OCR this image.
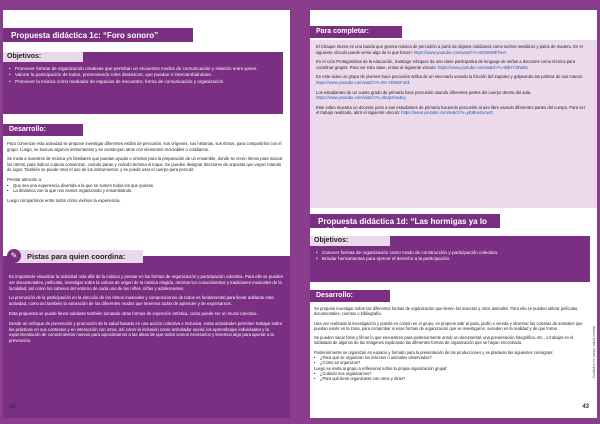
Propuesta didáctica 1c: “Foro sonoro”
Objetivos:
• Promover formas de organización creativas que permitan un encuentro modos de comunicación y relación entre pares.
• Valorar la participación de todos, promoviendo roles dinámicos, que puedan ir intercambiándose.
• Promover la música como mediador de espacios de encuentro, forma de comunicación y organización.
Desarrollo:

Para comenzar esta actividad se propone investigar diferentes estilos de percusión, sus orígenes, sus historias, sus ritmos, para compartirlos con el grupo. Luego, se buscan algunos instrumentos y se construyen otros con elementos reciclables o cotidianos.

Se invita a maestros de música y/o familiares que puedan ayudar o orientar para la preparación de un ensamble, donde se creen ritmos para marcar los ritmos, para indicar cuándo comienzan, cuándo paran y cuándo termina el toque. Se pueden designar directores de orquesta que vayan rotando de lugar. También se puede rotar el uso de los instrumentos, y se puede usar el cuerpo para percutir.

Prestar atención a:
• Que sea una experiencia divertida a la que se sumen todos los que quieran.
• La dinámica con la que nos vamos organizando y ensamblando.

Luego compartimos entre todos cómo vivimos la experiencia.

Es importante visualizar la actividad más allá de la música y pensar en las formas de organización y participación colectiva. Para ello se pueden ver documentales, películas, investigar sobre la cultura de origen de la música elegida, retomar los conocimientos y tradiciones musicales de la localidad, así como los saberes del entorno de cada uno de los niños, niñas y adolescentes.

La promoción de la participación en la elección de los ritmos musicales y composiciones de todos es fundamental para llevar adelante esta actividad, como así también la valoración de los diferentes modos que tenemos todos de aprender y de expresarnos.

Esta propuesta se puede llevar adelante también tomando otras formas de expresión artística, como puede ser un mural colectivo.

Desde un enfoque de prevención y promoción de la salud basado en una acción colectiva e inclusiva, estas actividades permiten trabajar sobre las prácticas en sus contextos y en interacción con otros, así como la inclusión como articulador social, los aprendizajes individuales y la experimentación de conocimientos nuevos para aproximarnos a las ideas de que todos somos necesarios y tenemos algo para aportar a la prevención.

Pistas para quien coordina:
✎
42
Para completar:

El Chaque ritumo es una banda que genera música de percusión a partir de objetos cotidianos como tachos metálicos y palos de madera. En el siguiente vínculo puede verse algo de lo que hacen: https://www.youtube.com/watch?v=DOIWKBiTiwA

En el ciclo Protagonistas de la educación, Santiago Vázquez da una clase participativa de lenguaje de señas a docentes como técnica para coordinar grupos. Para ver esta clase, entrar al siguiente vínculo: https://www.youtube.com/watch?v=t6jfHYJ5WBc

En este video un grupo de jóvenes hace percusión arriba de un escenario usando la fricción del zapateo y golpeando las palmas de sus manos: https://www.youtube.com/watch?v=EK-zDNsrFaSk

Los estudiantes de un cuarto grado de primaria hace percusión usando diferentes partes del cuerpo dentro del aula https://www.youtube.com/watch?v=4kUp2nw4ey

Este video muestra un docente junto a sus estudiantes de primaria haciendo percusión al aire libre usando diferentes partes del cuerpo. Para ver el trabajo realizado, abrir el siguiente vínculo: https://www.youtube.com/watch?v=yEiBrwSxcwO

Propuesta didáctica 1d: “Las hormigas ya lo sabían”
Objetivos:
• Conocer formas de organización como modo de construcción y participación colectiva.
• Brindar herramientas para ejercer el derecho a la participación.
Desarrollo:

Se propone investigar sobre las diferentes formas de organización que tienen los insectos y otros animales. Para ello se pueden utilizar películas, documentales, cuentos o bibliografía.

Una vez realizada la investigación y puesta en común en el grupo, se propone salir al patio, jardín o vereda y observar las colonias de animales que puedan existir en la zona, para comprobar si esas formas de organización que se investigaron, suceden en la realidad y de qué forma.

Se pueden sacar fotos y filmar lo que encuentren para posteriormente armar un documental, una presentación fotográfica, etc., o trabajar en el sublatado de algunos de las imágenes explicando las diferentes formas de organización que se hayan encontrado.

Posteriormente se organizan en espacio y formato para la presentación de las producciones y se plantean las siguientes consignas:
• ¿Para qué se organizan los insectos o animales observados?
• ¿Cómo se organizan?
Luego se invita al grupo a reflexionar sobre la propia organización grupal:
• ¿Cuándo nos organizamos?
• ¿Para qué tiene organizarse con otros y otras?
Cuidados en juego, salud mental
43
